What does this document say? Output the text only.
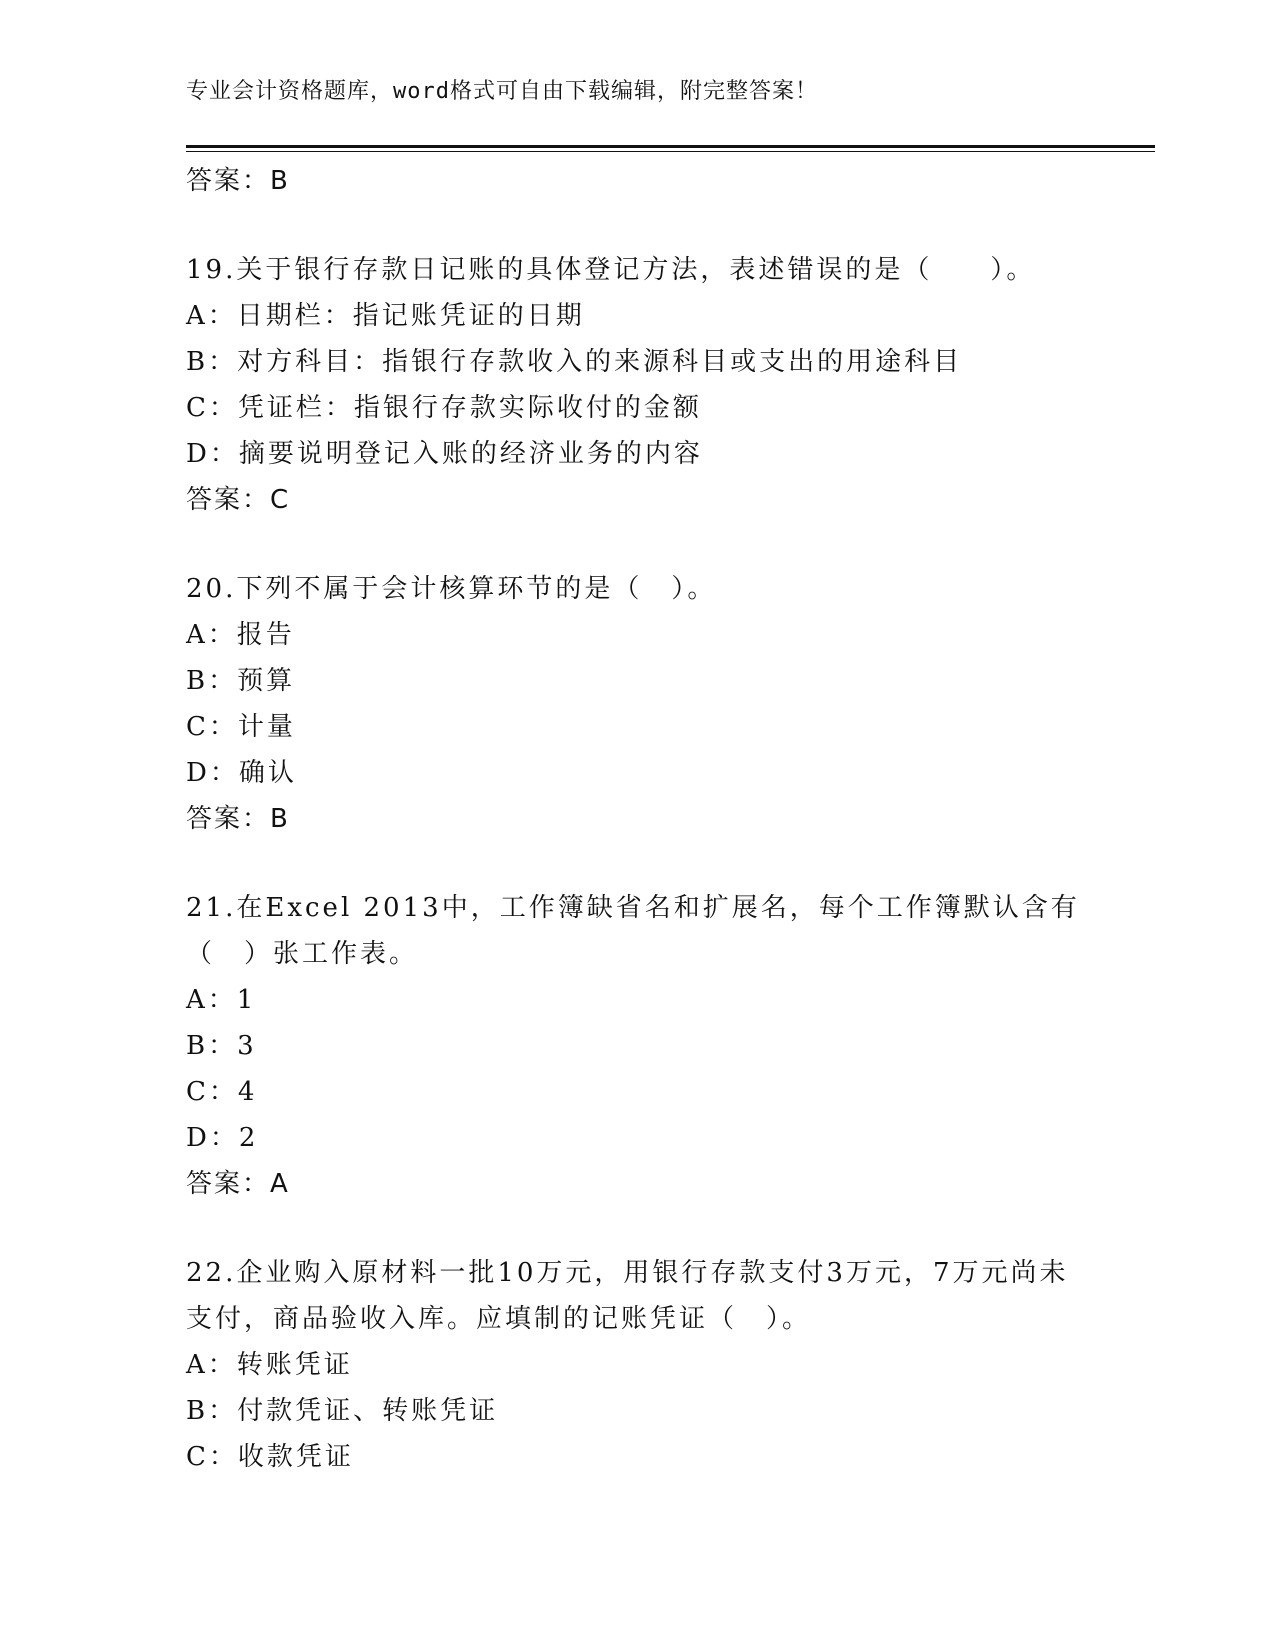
专业会计资格题库，word格式可自由下载编辑，附完整答案！
答案：B
19.关于银行存款日记账的具体登记方法，表述错误的是（　　）。
A：日期栏：指记账凭证的日期
B：对方科目：指银行存款收入的来源科目或支出的用途科目
C：凭证栏：指银行存款实际收付的金额
D：摘要说明登记入账的经济业务的内容
答案：C
20.下列不属于会计核算环节的是（　）。
A：报告
B：预算
C：计量
D：确认
答案：B
21.在Excel 2013中，工作簿缺省名和扩展名，每个工作簿默认含有
（　）张工作表。
A：1
B：3
C：4
D：2
答案：A
22.企业购入原材料一批10万元，用银行存款支付3万元，7万元尚未
支付，商品验收入库。应填制的记账凭证（　）。
A：转账凭证
B：付款凭证、转账凭证
C：收款凭证
